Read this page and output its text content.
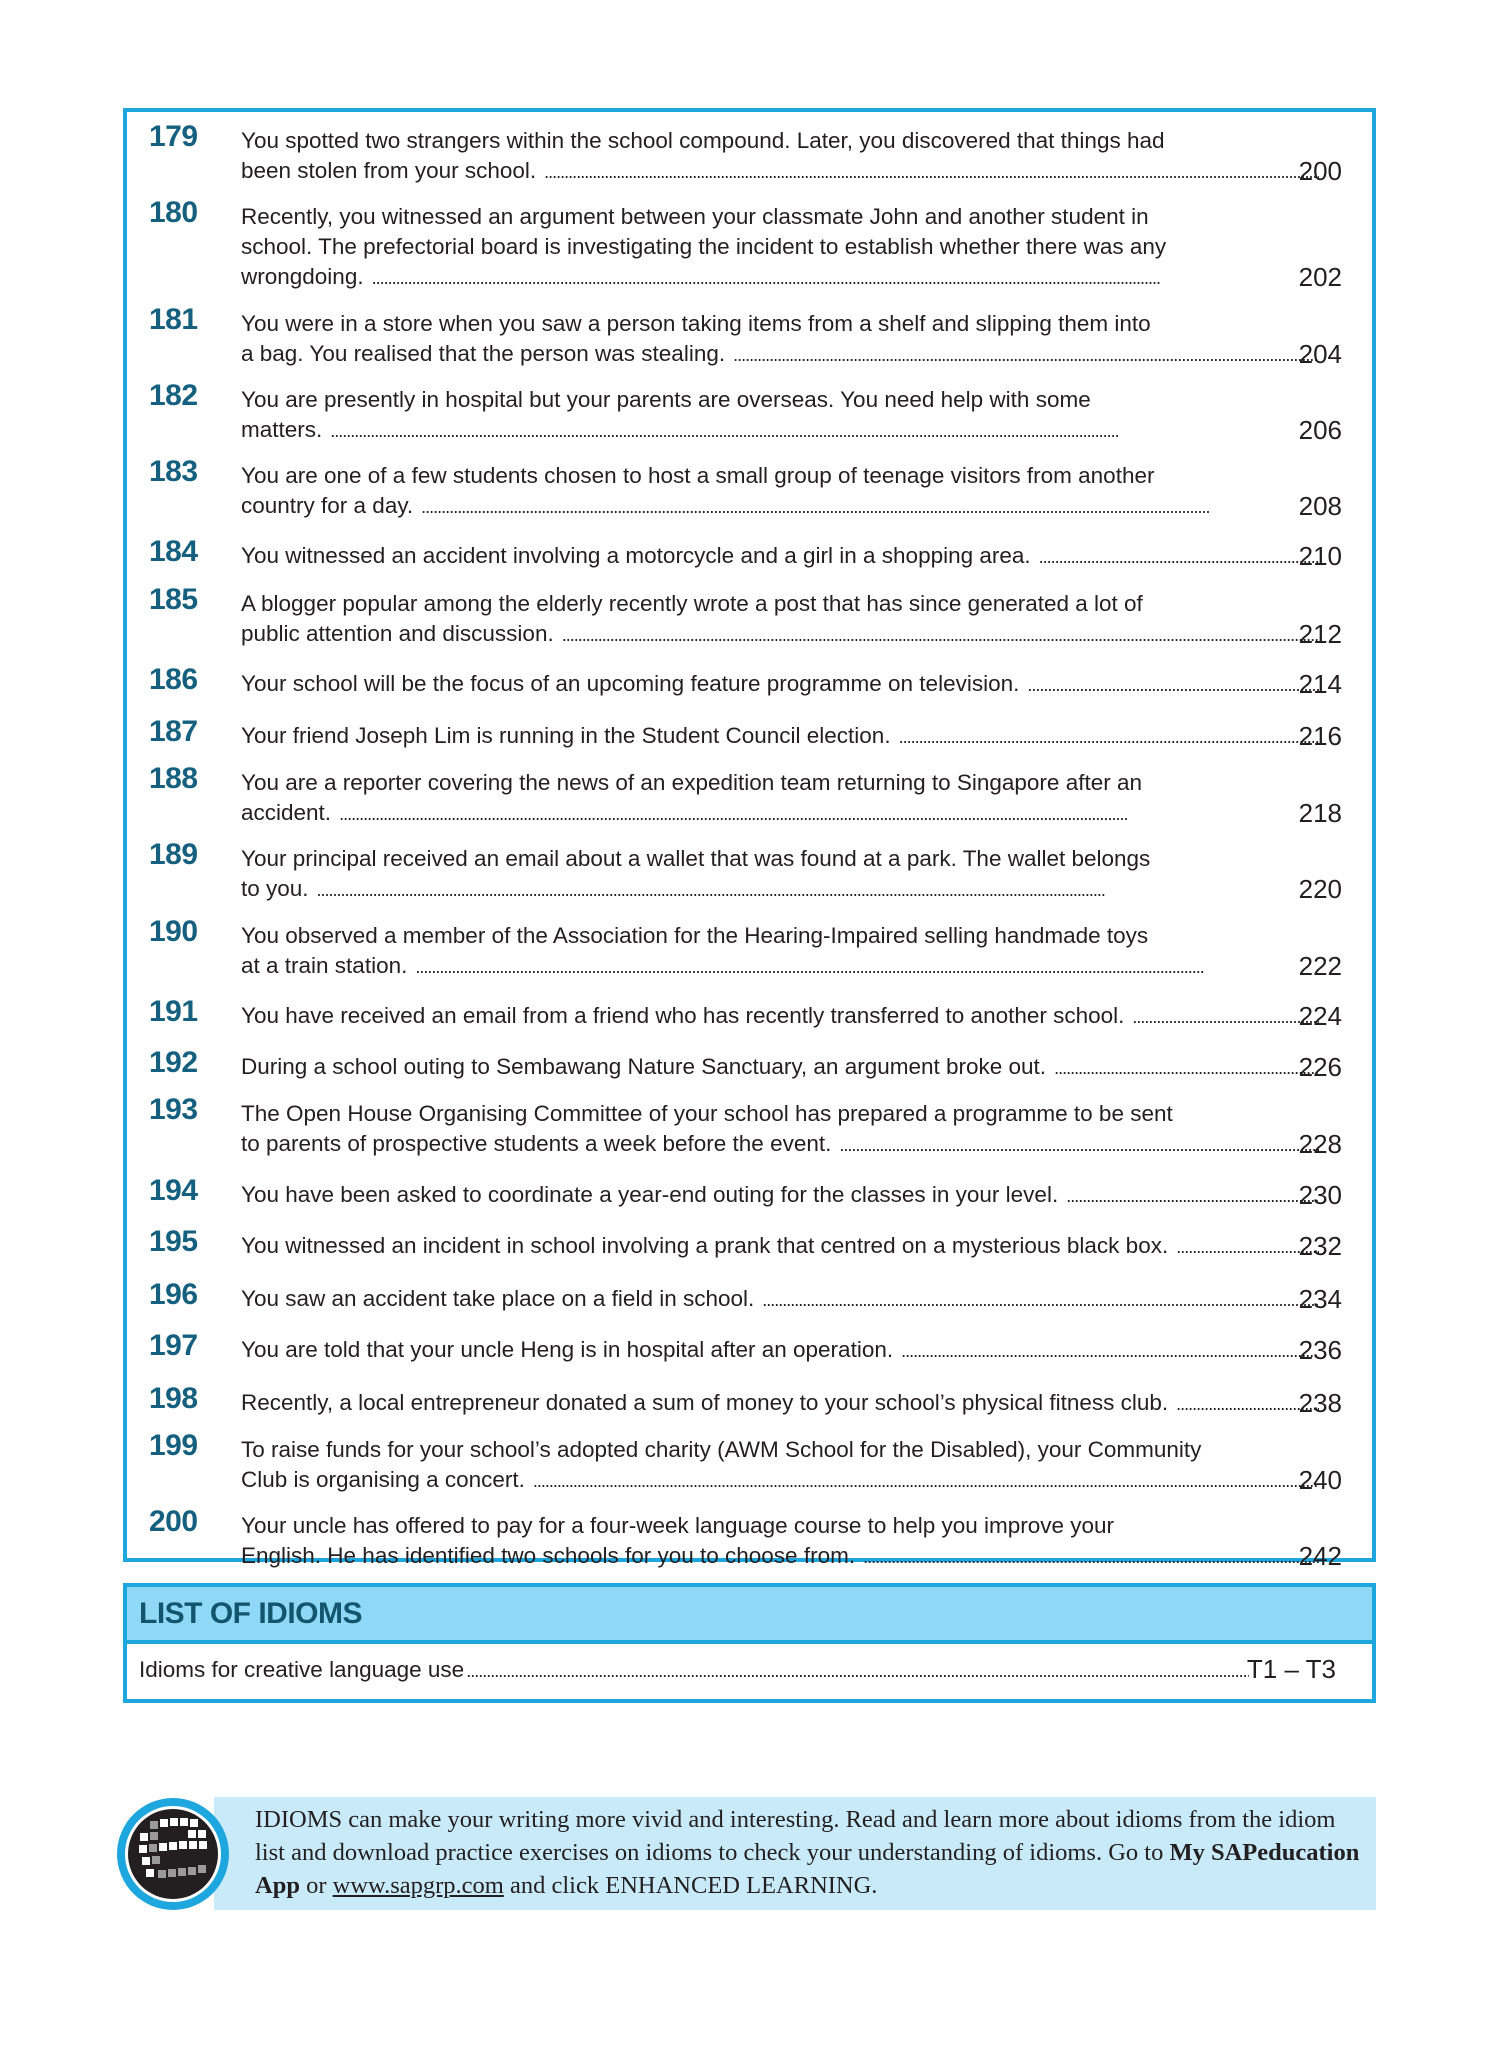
179 You spotted two strangers within the school compound. Later, you discovered that things had
been stolen from your school. . . .	200
180 Recently, you witnessed an argument between your classmate John and another student in
school. The prefectorial board is investigating the incident to establish whether there was any
wrongdoing. . . .	202
181 You were in a store when you saw a person taking items from a shelf and slipping them into
a bag. You realised that the person was stealing. . . .	204
182 You are presently in hospital but your parents are overseas. You need help with some
matters. . . .	206
183 You are one of a few students chosen to host a small group of teenage visitors from another
country for a day. . . .	208
184 You witnessed an accident involving a motorcycle and a girl in a shopping area. . . .	210
185 A blogger popular among the elderly recently wrote a post that has since generated a lot of
public attention and discussion. . . .	212
186 Your school will be the focus of an upcoming feature programme on television. . . .	214
187 Your friend Joseph Lim is running in the Student Council election. . . .	216
188 You are a reporter covering the news of an expedition team returning to Singapore after an
accident. . . .	218
189 Your principal received an email about a wallet that was found at a park. The wallet belongs
to you. . . .	220
190 You observed a member of the Association for the Hearing-Impaired selling handmade toys
at a train station. . . .	222
191 You have received an email from a friend who has recently transferred to another school. . . .	224
192 During a school outing to Sembawang Nature Sanctuary, an argument broke out. . . .	226
193 The Open House Organising Committee of your school has prepared a programme to be sent
to parents of prospective students a week before the event. . . .	228
194 You have been asked to coordinate a year-end outing for the classes in your level. . . .	230
195 You witnessed an incident in school involving a prank that centred on a mysterious black box. . . .	232
196 You saw an accident take place on a field in school. . . .	234
197 You are told that your uncle Heng is in hospital after an operation. . . .	236
198 Recently, a local entrepreneur donated a sum of money to your school’s physical fitness club. . . .	238
199 To raise funds for your school’s adopted charity (AWM School for the Disabled), your Community
Club is organising a concert. . . .	240
200 Your uncle has offered to pay for a four-week language course to help you improve your
English. He has identified two schools for you to choose from. . . .	242
LIST OF IDIOMS
Idioms for creative language use . . .	T1 – T3
IDIOMS can make your writing more vivid and interesting. Read and learn more about idioms from the idiom list and download practice exercises on idioms to check your understanding of idioms. Go to My SAPeducation App or www.sapgrp.com and click ENHANCED LEARNING.
